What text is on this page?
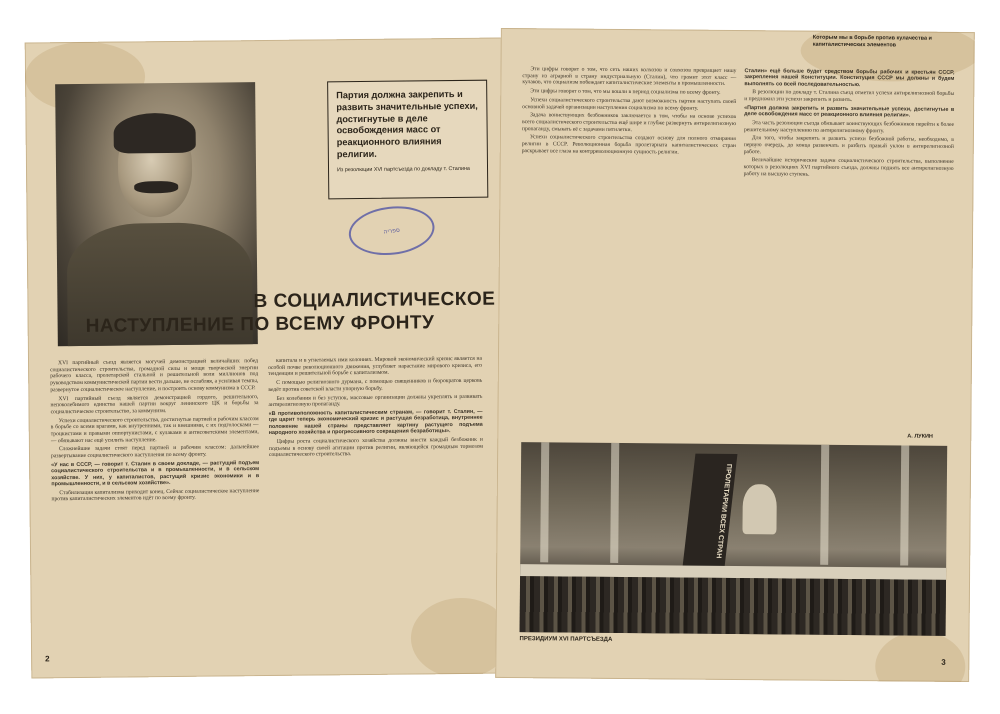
Партия должна закрепить и развить значительные успехи, достигнутые в деле освобождения масс от реакционного влияния религии.

Из резолюции XVI партсъезда по докладу т. Сталина
ספריה
В СОЦИАЛИСТИЧЕСКОЕ
НАСТУПЛЕНИЕ ПО ВСЕМУ ФРОНТУ

XVI партийный съезд является могучей демонстрацией величайших побед социалистического строительства, громадной силы и мощи творческой энергии рабочего класса, пролетарской стальной и решительной воли миллионов под руководством коммунистической партии вести дальше, не ослабляя, а усиливая темпы, развернутое социалистическое наступление, и построить основу коммунизма в СССР.

XVI партийный съезд является демонстрацией гордого, решительного, непоколебимого единства нашей партии вокруг ленинского ЦК и борьбы за социалистическое строительство, за коммунизм.

Успехи социалистического строительства, достигнутые партией и рабочим классом в борьбе со всеми врагами, как внутренними, так и внешними, с их подголосками — троцкистами и правыми оппортунистами, с кулаками и антисоветскими элементами, — обязывают нас ещё усилить наступление.

Сложнейшие задачи стоят перед партией и рабочим классом: дальнейшее развертывание социалистического наступления по всему фронту.

«У нас в СССР, — говорит т. Сталин в своем докладе, — растущий подъем социалистического строительства и в промышленности, и в сельском хозяйстве. У них, у капиталистов, растущий кризис экономики и в промышленности, и в сельском хозяйстве».

Стабилизация капитализма приходит конец. Сейчас социалистическое наступление против капиталистических элементов идёт по всему фронту.

капитала и в угнетаемых ими колониях. Мировой экономический кризис является на особой почве революционного движения, углубляет нарастание мирового кризиса, его тенденции и решительной борьбе с капитализмом.

С помощью религиозного дурмана, с помощью священников и бюрократов церковь ведёт против советской власти упорную борьбу.

Без колебания и без уступок, массовые организации должны укреплять и развивать антирелигиозную пропаганду.

«В противоположность капиталистическим странам, — говорит т. Сталин, — где царит теперь экономический кризис и растущая безработица, внутреннее положение нашей страны представляет картину растущего подъема народного хозяйства и прогрессивного сокращения безработицы».

Цифры роста социалистического хозяйства должны внести каждый безбожник и подъемы в основу своей агитации против религии, являющейся громадным тормозом социалистического строительства.

2
Которым мы в борьбе против кулачества и капиталистических элементов

Эти цифры говорят о том, что сеть наших колхозов и совхозов превращает нашу страну из аграрной в страну индустриальную (Сталин), что громит этот класс — кулаков, что социализм побеждает капиталистические элементы в промышленности.

Эти цифры говорят о том, что мы вошли в период социализма по всему фронту.

Успехи социалистического строительства дают возможность партии наступать своей основной задачей организации наступления социализма по всему фронту.

Задача воинствующих безбожников заключается в том, чтобы на основе успехов всего социалистического строительства ещё шире и глубже развернуть антирелигиозную пропаганду, смыкать её с задачами пятилетки.

Успехи социалистического строительства создают основу для полного отмирания религии в СССР. Революционная борьба пролетариата капиталистических стран раскрывает все глаза на контрреволюционную сущность религии.

Сталин» ещё больше будет средством борьбы рабочих и крестьян СССР, закрепления нашей Конституции. Конституция СССР мы должны и будем выполнять со всей последовательностью.

В резолюции по докладу т. Сталина съезд отметил успехи антирелигиозной борьбы и предложил эти успехи закрепить и развить.

«Партия должна закрепить и развить значительные успехи, достигнутые в деле освобождения масс от реакционного влияния религии».

Эта часть резолюции съезда обязывает воинствующих безбожников перейти к более решительному наступлению по антирелигиозному фронту.

Для того, чтобы закрепить и развить успехи безбожной работы, необходимо, в первую очередь, до конца развенчать и разбить правый уклон в антирелигиозной работе.

Величайшие исторические задачи социалистического строительства, выполнение которых в резолюциях XVI партийного съезда, должны поднять все антирелигиозную работу на высшую ступень.

А. ЛУКИН
ПРОЛЕТАРИИ ВСЕХ СТРАН
ПРЕЗИДИУМ XVI ПАРТСЪЕЗДА
3
